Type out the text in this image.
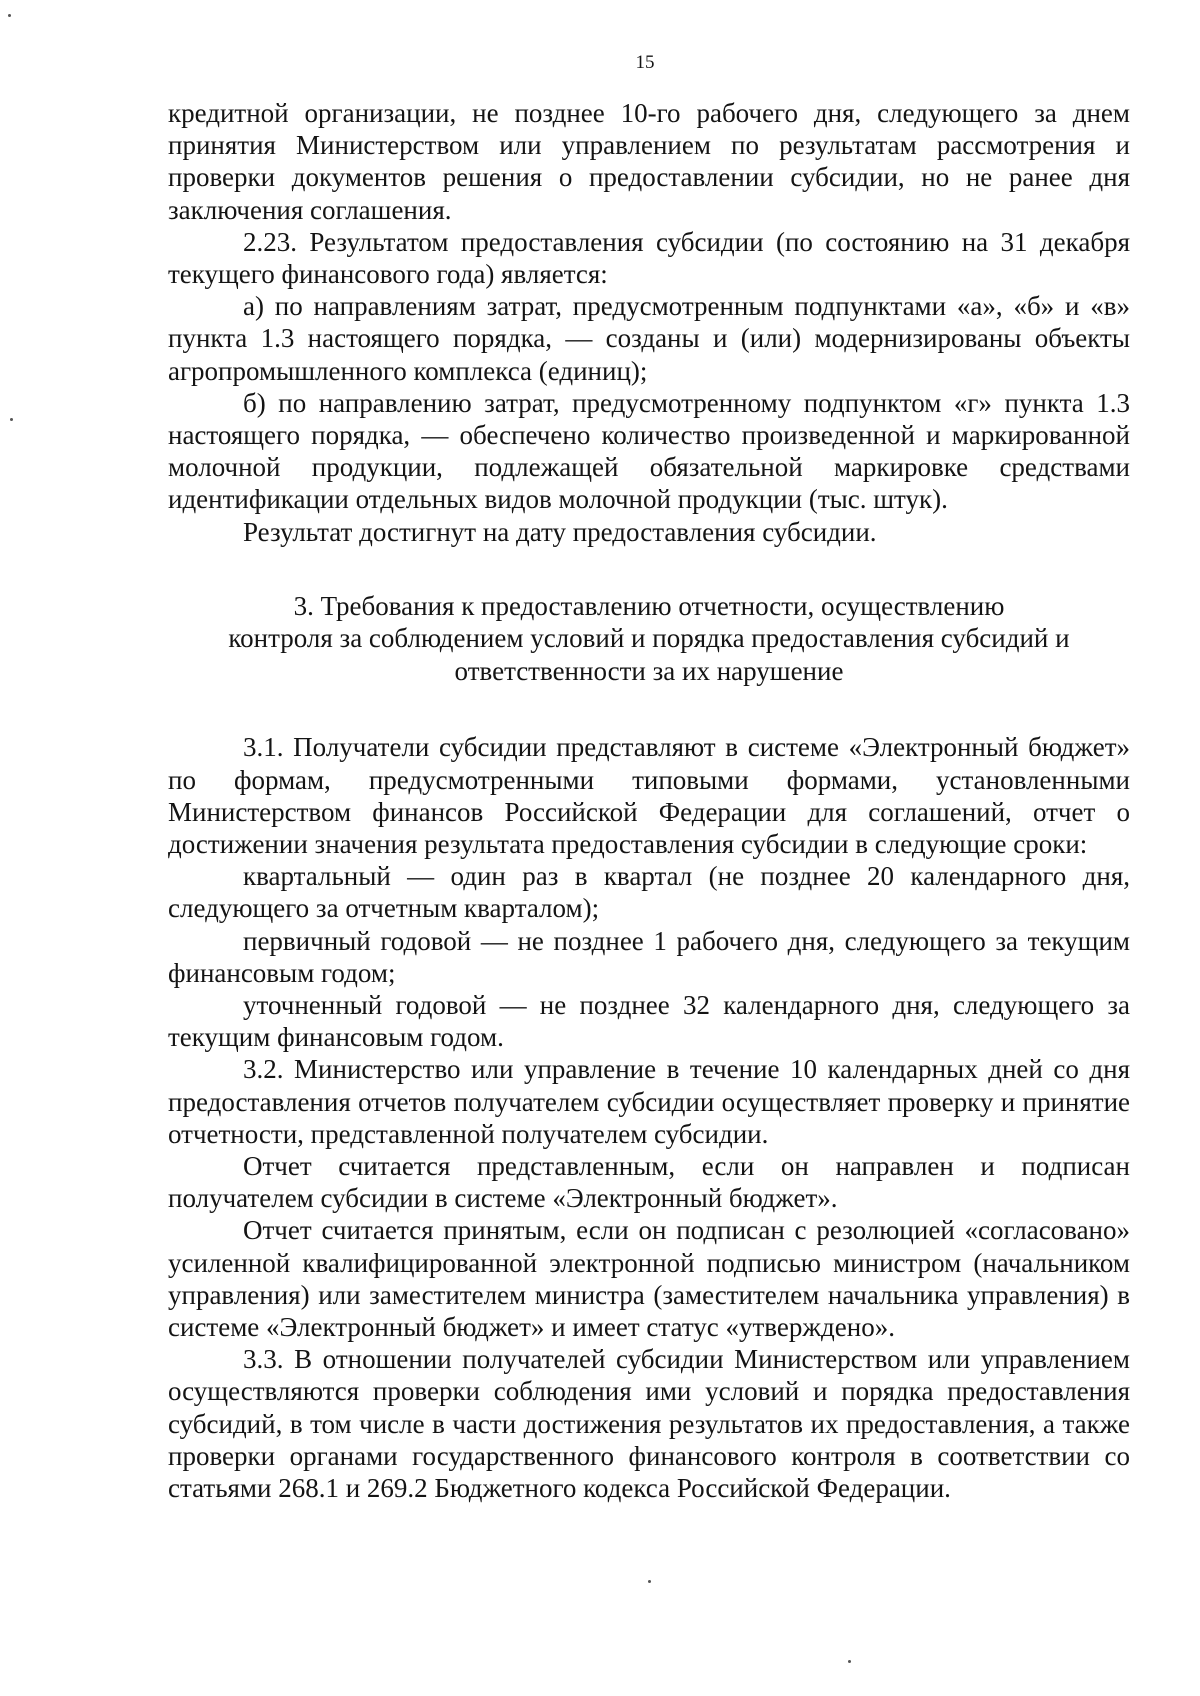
15

кредитной организации, не позднее 10-го рабочего дня, следующего за днем принятия Министерством или управлением по результатам рассмотрения и проверки документов решения о предоставлении субсидии, но не ранее дня заключения соглашения.

2.23. Результатом предоставления субсидии (по состоянию на 31 декабря текущего финансового года) является:

а) по направлениям затрат, предусмотренным подпунктами «а», «б» и «в» пункта 1.3 настоящего порядка, — созданы и (или) модернизированы объекты агропромышленного комплекса (единиц);

б) по направлению затрат, предусмотренному подпунктом «г» пункта 1.3 настоящего порядка, — обеспечено количество произведенной и маркированной молочной продукции, подлежащей обязательной маркировке средствами идентификации отдельных видов молочной продукции (тыс. штук).

Результат достигнут на дату предоставления субсидии.

3. Требования к предоставлению отчетности, осуществлению
контроля за соблюдением условий и порядка предоставления субсидий и
ответственности за их нарушение

3.1. Получатели субсидии представляют в системе «Электронный бюджет» по формам, предусмотренными типовыми формами, установленными Министерством финансов Российской Федерации для соглашений, отчет о достижении значения результата предоставления субсидии в следующие сроки:

квартальный — один раз в квартал (не позднее 20 календарного дня, следующего за отчетным кварталом);

первичный годовой — не позднее 1 рабочего дня, следующего за текущим финансовым годом;

уточненный годовой — не позднее 32 календарного дня, следующего за текущим финансовым годом.

3.2. Министерство или управление в течение 10 календарных дней со дня предоставления отчетов получателем субсидии осуществляет проверку и принятие отчетности, представленной получателем субсидии.

Отчет считается представленным, если он направлен и подписан получателем субсидии в системе «Электронный бюджет».

Отчет считается принятым, если он подписан с резолюцией «согласовано» усиленной квалифицированной электронной подписью министром (начальником управления) или заместителем министра (заместителем начальника управления) в системе «Электронный бюджет» и имеет статус «утверждено».

3.3. В отношении получателей субсидии Министерством или управлением осуществляются проверки соблюдения ими условий и порядка предоставления субсидий, в том числе в части достижения результатов их предоставления, а также проверки органами государственного финансового контроля в соответствии со статьями 268.1 и 269.2 Бюджетного кодекса Российской Федерации.
